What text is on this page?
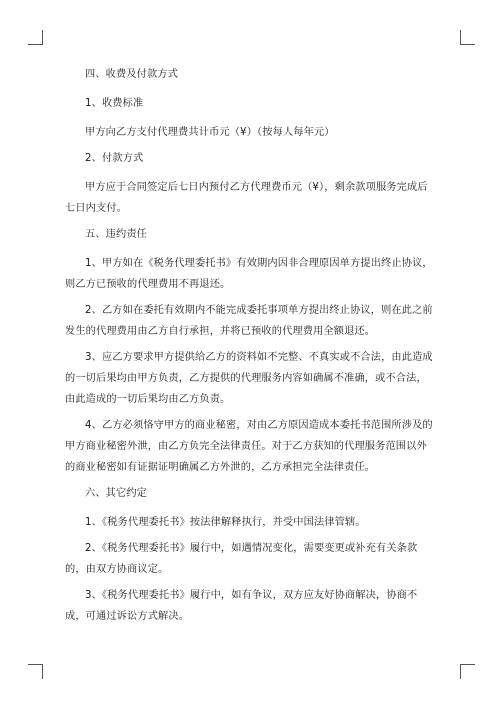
四、收费及付款方式

1、收费标准

甲方向乙方支付代理费共计币元（¥）（按每人每年元）

2、付款方式

甲方应于合同签定后七日内预付乙方代理费币元（¥），剩余款项服务完成后七日内支付。

五、违约责任

1、甲方如在《税务代理委托书》有效期内因非合理原因单方提出终止协议，则乙方已预收的代理费用不再退还。

2、乙方如在委托有效期内不能完成委托事项单方提出终止协议，则在此之前发生的代理费用由乙方自行承担，并将已预收的代理费用全额退还。

3、应乙方要求甲方提供给乙方的资料如不完整、不真实或不合法，由此造成的一切后果均由甲方负责，乙方提供的代理服务内容如确属不准确，或不合法，由此造成的一切后果均由乙方负责。

4、乙方必须恪守甲方的商业秘密，对由乙方原因造成本委托书范围所涉及的甲方商业秘密外泄，由乙方负完全法律责任。对于乙方获知的代理服务范围以外的商业秘密如有证据证明确属乙方外泄的，乙方承担完全法律责任。

六、其它约定

1、《税务代理委托书》按法律解释执行，并受中国法律管辖。

2、《税务代理委托书》履行中，如遇情况变化，需要变更或补充有关条款的，由双方协商议定。

3、《税务代理委托书》履行中，如有争议，双方应友好协商解决，协商不成，可通过诉讼方式解决。
